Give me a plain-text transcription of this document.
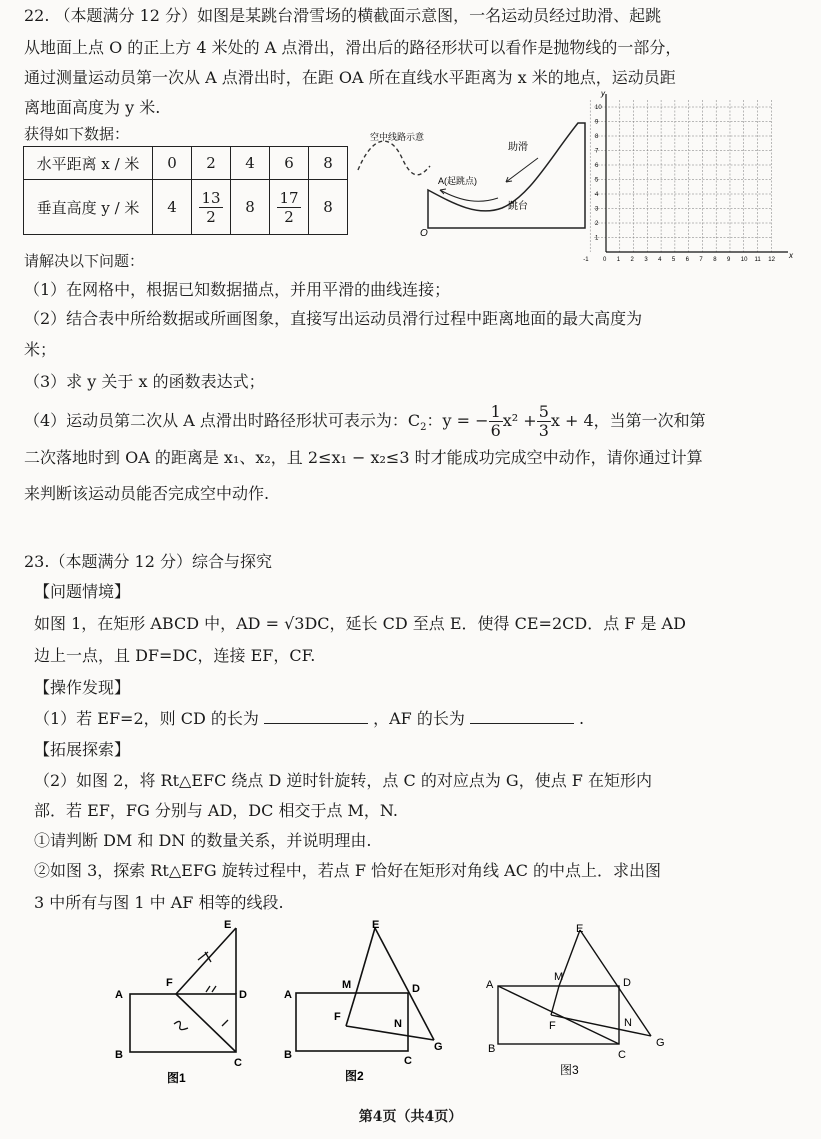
22. （本题满分 12 分）如图是某跳台滑雪场的横截面示意图，一名运动员经过助滑、起跳
从地面上点 O 的正上方 4 米处的 A 点滑出，滑出后的路径形状可以看作是抛物线的一部分，
通过测量运动员第一次从 A 点滑出时，在距 OA 所在直线水平距离为 x 米的地点，运动员距
离地面高度为 y 米.
获得如下数据：
水平距离 x / 米	0	2	4	6	8
垂直高度 y / 米	4	$\frac{13}{2}$	8	$\frac{17}{2}$	8
空中线路示意
助滑
A(起跳点)
跳台
O
x
y
-1 0 1 2 3 4 5 6 7 8 9 10 11 12
10
9
8
7
6
5
4
3
2
1
请解决以下问题：
（1）在网格中，根据已知数据描点，并用平滑的曲线连接；
（2）结合表中所给数据或所画图象，直接写出运动员滑行过程中距离地面的最大高度为
米；
（3）求 y 关于 x 的函数表达式；
（4）运动员第二次从 A 点滑出时路径形状可表示为：$C_2$：y = − $\frac{1}{6} x^2 + \frac{5}{3}$ x + 4，当第一次和第
二次落地时到 OA 的距离是 x₁、x₂，且 2≤x₁ − x₂≤3 时才能成功完成空中动作，请你通过计算
来判断该运动员能否完成空中动作.
23.（本题满分 12 分）综合与探究
【问题情境】
如图 1，在矩形 ABCD 中，AD = √3DC，延长 CD 至点 E．使得 CE=2CD．点 F 是 AD
边上一点，且 DF=DC，连接 EF，CF.
【操作发现】
（1）若 EF=2，则 CD 的长为	，AF 的长为	.
【拓展探索】
（2）如图 2，将 Rt△EFC 绕点 D 逆时针旋转，点 C 的对应点为 G，使点 F 在矩形内
部．若 EF，FG 分别与 AD，DC 相交于点 M，N.
①请判断 DM 和 DN 的数量关系，并说明理由.
②如图 3，探索 Rt△EFG 旋转过程中，若点 F 恰好在矩形对角线 AC 的中点上．求出图
3 中所有与图 1 中 AF 相等的线段.
E
A
F
D
B
C
图1
E
A
M	D
F
N
G
B	C
图2
E
A
M	D
F	N
G
B	C
图3
第4页（共4页）
